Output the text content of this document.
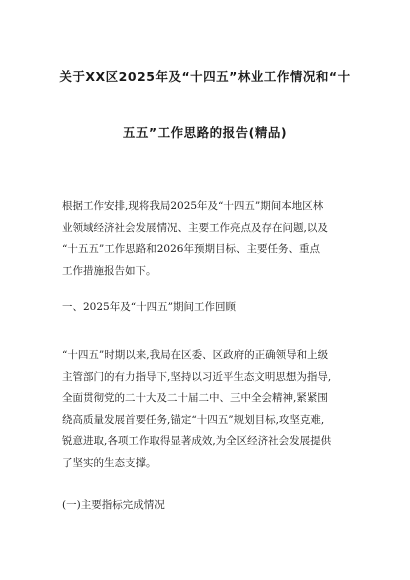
关于XX区2025年及“十四五”林业工作情况和“十
五五”工作思路的报告(精品)
根据工作安排,现将我局2025年及“十四五”期间本地区林
业领域经济社会发展情况、主要工作亮点及存在问题,以及
“十五五”工作思路和2026年预期目标、主要任务、重点
工作措施报告如下。
一、2025年及“十四五”期间工作回顾
“十四五”时期以来,我局在区委、区政府的正确领导和上级
主管部门的有力指导下,坚持以习近平生态文明思想为指导,
全面贯彻党的二十大及二十届二中、三中全会精神,紧紧围
绕高质量发展首要任务,锚定“十四五”规划目标,攻坚克难,
锐意进取,各项工作取得显著成效,为全区经济社会发展提供
了坚实的生态支撑。
(一)主要指标完成情况
